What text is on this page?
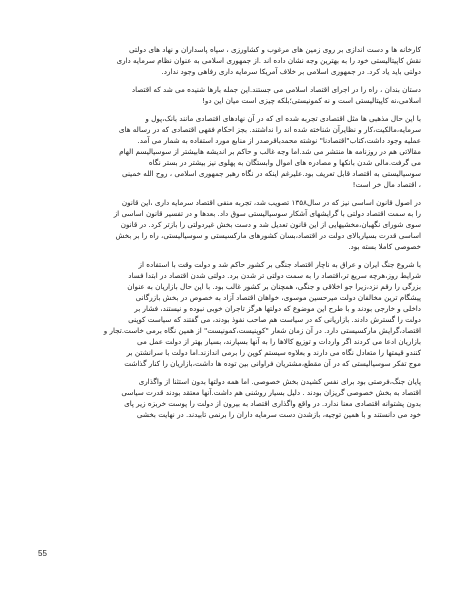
کارخانه ها و دست اندازی بر روی زمین های مرغوب و کشاورزی ، سپاه پاسداران و نهاد های دولتی
نقش کاپیتالیستی خود را به بهترین وجه نشان داده اند .از جمهوری اسلامی به عنوان نظام سرمایه داری
دولتی باید یاد کرد. در جمهوری اسلامی بر خلاف آمریکا سرمایه داری رفاهی وجود ندارد.
دستان بندان ، راه را در اجرای اقتصاد اسلامی می جستند.این جمله بارها شنیده می شد که اقتصاد
اسلامی،نه کاپیتالیستی است و نه کمونیستی؛بلکه چیزی است میان این دو!
با این حال مذهبی ها مثل اقتصادی تجربه شده ای که در آن نهادهای اقتصادی مانند بانک،پول و
سرمایه،مالکیت،کار و نظایرآن شناخته شده اند را نداشتند. بجز احکام فقهی اقتصادی که در رساله های
عملیه وجود داشت،کتاب"اقتصادنا" نوشته محمدباقرصدر از منابع مورد استفاده به شمار می آمد.
مقالاتی هم در روزنامه ها منتشر می شد.اما وجه غالب و حاکم بر اندیشه هابیشتر از سوسیالیسم الهام
می گرفت.مالی شدن بانکها و مصادره های اموال وابستگان به پهلوی نیز بیشتر در بستر نگاه
سوسیالیستی به اقتصاد قابل تعریف بود.علیرغم اینکه در نگاه رهبر جمهوری اسلامی ، روح الله خمینی
، اقتصاد مال خر است!
در اصول قانون اساسی نیز که در سال۱۳۵۸ تصویب شد، تجربه منفی اقتصاد سرمایه داری ،این قانون
را به سمت اقتصاد دولتی با گرایشهای آشکار سوسیالیستی سوق داد. بعدها و در تفسیر قانون اساسی از
سوی شورای نگهبان،مخشیهایی از این قانون تعدیل شد و دست بخش غیردولتی را بازتر کرد. در قانون
اساسی قدرت بسیاربالای دولت در اقتصاد،بسان کشورهای مارکسیستی و سوسیالیستی، راه را بر بخش
خصوصی کاملا بسته بود.
با شروع جنگ ایران و عراق به ناچار اقتصاد جنگی بر کشور حاکم شد و دولت وقت با استفاده از
شرایط روز،هرچه سریع تر،اقتصاد را به سمت دولتی تر شدن برد. دولتی شدن اقتصاد در ابتدا فساد
بزرگی را رقم نزد،زیرا جو اخلاقی و جنگی، همچنان بر کشور غالب بود. با این حال بازاریان به عنوان
پیشگام ترین مخالفان دولت میرحسین موسوی، خواهان اقتصاد آزاد به خصوص در بخش بازرگانی
داخلی و خارجی بودند و با طرح این موضوع که دولتها هرگز تاجران خوبی نبوده و نیستند، فشار بر
دولت را گسترش دادند. بازاریانی که در سیاست هم صاحب نفوذ بودند، می گفتند که سیاست کوپنی
اقتصاد،گرایش مارکسیستی دارد. در آن زمان شعار "کوپنیست،کمونیست" از همین نگاه برمی خاست.تجار و
بازاریان ادعا می کردند اگر واردات و توزیع کالاها را به آنها بسپارند، بسیار بهتر از دولت عمل می
کنندو قیمتها را متعادل نگاه می دارند و بعلاوه سیستم کوپن را برمی اندازند.اما دولت با سرانشتن بر
موج تفکر سوسیالیستی که در آن مقطع،مشتریان فراوانی بین توده ها داشت،بازاریان را کنار گذاشت
پایان جنگ،فرصتی بود برای نفس کشیدن بخش خصوصی. اما همه دولتها بدون استثنا از واگذاری
اقتصاد به بخش خصوصی گریزان بودند . دلیل بسیار روشنی هم داشت.آنها معتقد بودند قدرت سیاسی
بدون پشتوانه اقتصادی معنا ندارد. در واقع واگذاری اقتصاد به بیرون از دولت را پوست خربزه زیر پای
خود می دانستند و با همین توجیه، بازشدن دست سرمایه داران را برنمی تابیدند. در نهایت بخشی
55
